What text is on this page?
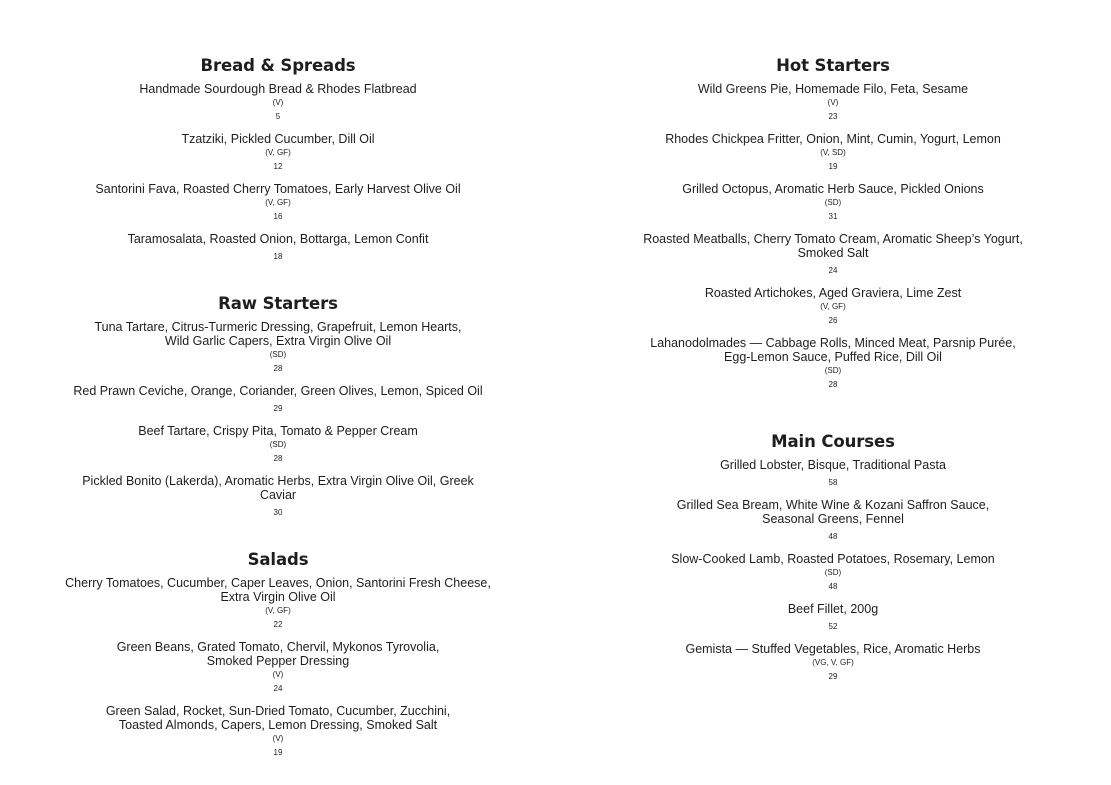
Bread & Spreads
Handmade Sourdough Bread & Rhodes Flatbread
(V)
5
Tzatziki, Pickled Cucumber, Dill Oil
(V, GF)
12
Santorini Fava, Roasted Cherry Tomatoes, Early Harvest Olive Oil
(V, GF)
16
Taramosalata, Roasted Onion, Bottarga, Lemon Confit
18
Raw Starters
Tuna Tartare, Citrus-Turmeric Dressing, Grapefruit, Lemon Hearts,
Wild Garlic Capers, Extra Virgin Olive Oil
(SD)
28
Red Prawn Ceviche, Orange, Coriander, Green Olives, Lemon, Spiced Oil
29
Beef Tartare, Crispy Pita, Tomato & Pepper Cream
(SD)
28
Pickled Bonito (Lakerda), Aromatic Herbs, Extra Virgin Olive Oil, Greek Caviar
30
Salads
Cherry Tomatoes, Cucumber, Caper Leaves, Onion, Santorini Fresh Cheese,
Extra Virgin Olive Oil
(V, GF)
22
Green Beans, Grated Tomato, Chervil, Mykonos Tyrovolia,
Smoked Pepper Dressing
(V)
24
Green Salad, Rocket, Sun-Dried Tomato, Cucumber, Zucchini,
Toasted Almonds, Capers, Lemon Dressing, Smoked Salt
(V)
19
Hot Starters
Wild Greens Pie, Homemade Filo, Feta, Sesame
(V)
23
Rhodes Chickpea Fritter, Onion, Mint, Cumin, Yogurt, Lemon
(V, SD)
19
Grilled Octopus, Aromatic Herb Sauce, Pickled Onions
(SD)
31
Roasted Meatballs, Cherry Tomato Cream, Aromatic Sheep’s Yogurt,
Smoked Salt
24
Roasted Artichokes, Aged Graviera, Lime Zest
(V, GF)
26
Lahanodolmades — Cabbage Rolls, Minced Meat, Parsnip Purée,
Egg-Lemon Sauce, Puffed Rice, Dill Oil
(SD)
28
Main Courses
Grilled Lobster, Bisque, Traditional Pasta
58
Grilled Sea Bream, White Wine & Kozani Saffron Sauce,
Seasonal Greens, Fennel
48
Slow-Cooked Lamb, Roasted Potatoes, Rosemary, Lemon
(SD)
48
Beef Fillet, 200g
52
Gemista — Stuffed Vegetables, Rice, Aromatic Herbs
(VG, V, GF)
29
